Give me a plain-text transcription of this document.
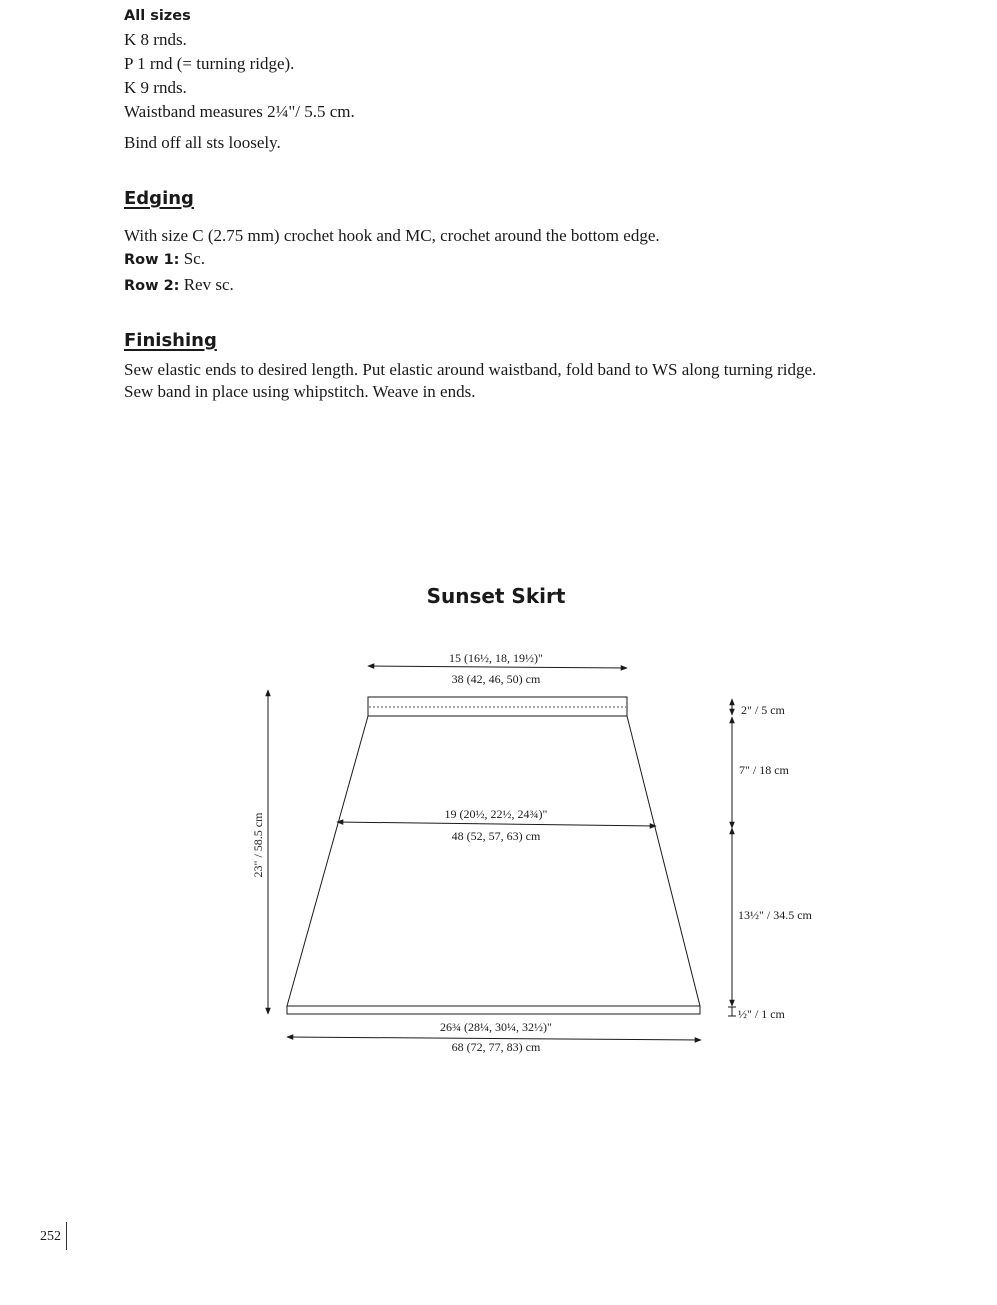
All sizes
K 8 rnds.
P 1 rnd (= turning ridge).
K 9 rnds.
Waistband measures 2¼"/ 5.5 cm.
Bind off all sts loosely.
Edging
With size C (2.75 mm) crochet hook and MC, crochet around the bottom edge.
Row 1: Sc.
Row 2: Rev sc.
Finishing
Sew elastic ends to desired length. Put elastic around waistband, fold band to WS along turning ridge.
Sew band in place using whipstitch. Weave in ends.
Sunset Skirt
15 (16½, 18, 19½)"
38 (42, 46, 50) cm
19 (20½, 22½, 24¾)"
48 (52, 57, 63) cm
26¾ (28¼, 30¼, 32½)"
68 (72, 77, 83) cm
23" / 58.5 cm
2" / 5 cm
7" / 18 cm
13½" / 34.5 cm
½" / 1 cm
252
